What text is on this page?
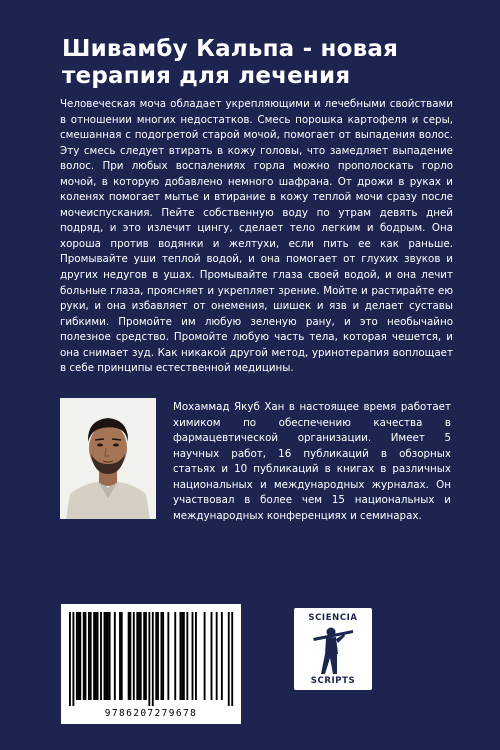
Шивамбу Кальпа - новая
терапия для лечения
Человеческая моча обладает укрепляющими и лечебными свойствами в отношении многих недостатков. Смесь порошка картофеля и серы, смешанная с подогретой старой мочой, помогает от выпадения волос. Эту смесь следует втирать в кожу головы, что замедляет выпадение волос. При любых воспалениях горла можно прополоскать горло мочой, в которую добавлено немного шафрана. От дрожи в руках и коленях помогает мытье и втирание в кожу теплой мочи сразу после мочеиспускания. Пейте собственную воду по утрам девять дней подряд, и это излечит цингу, сделает тело легким и бодрым. Она хороша против водянки и желтухи, если пить ее как раньше. Промывайте уши теплой водой, и она помогает от глухих звуков и других недугов в ушах. Промывайте глаза своей водой, и она лечит больные глаза, проясняет и укрепляет зрение. Мойте и растирайте ею руки, и она избавляет от онемения, шишек и язв и делает суставы гибкими. Промойте им любую зеленую рану, и это необычайно полезное средство. Промойте любую часть тела, которая чешется, и она снимает зуд. Как никакой другой метод, уринотерапия воплощает в себе принципы естественной медицины.
Мохаммад Якуб Хан в настоящее время работает химиком по обеспечению качества в фармацевтической организации. Имеет 5 научных работ, 16 публикаций в обзорных статьях и 10 публикаций в книгах в различных национальных и международных журналах. Он участвовал в более чем 15 национальных и международных конференциях и семинарах.
9786207279678
SCIENCIA
SCRIPTS
